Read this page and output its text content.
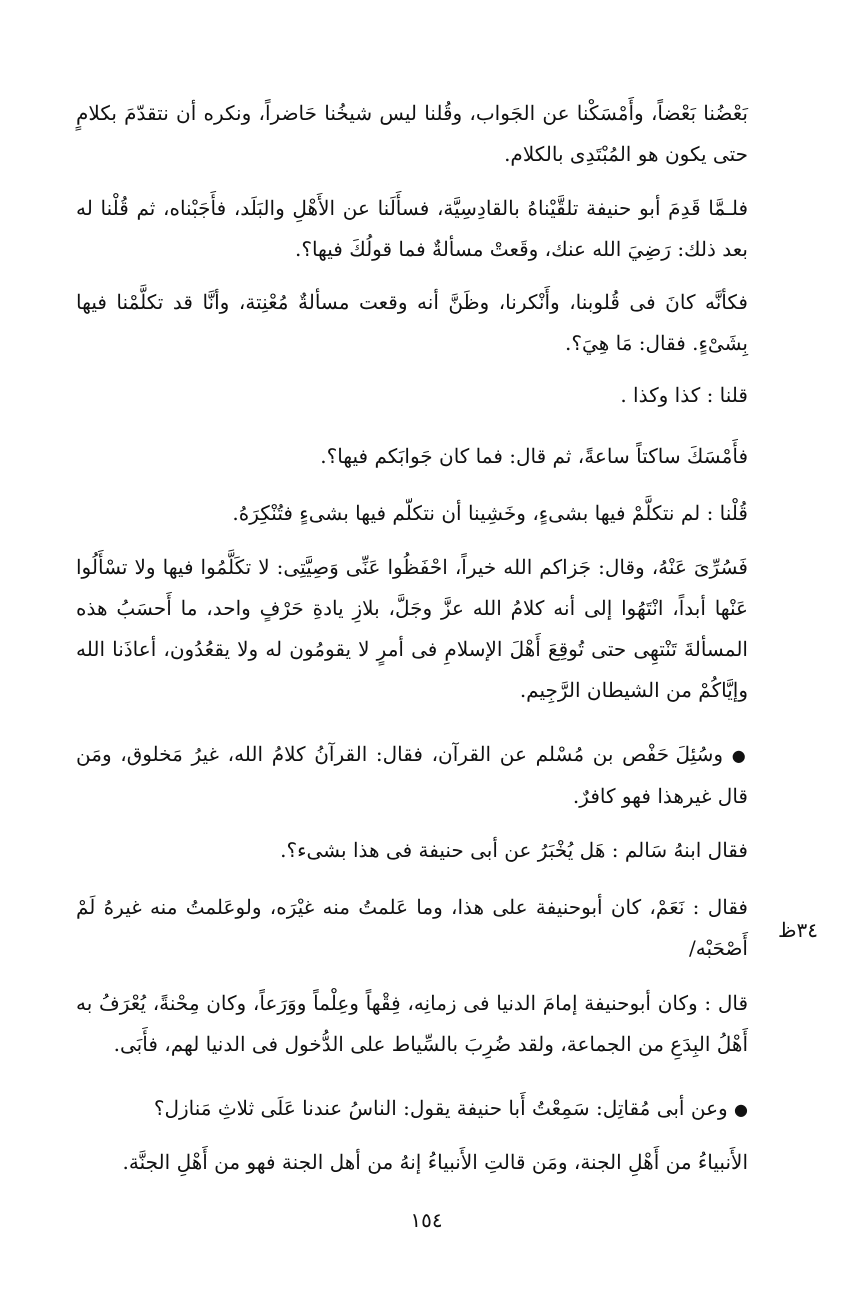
بَعْضُنا بَعْضاً، وأَمْسَكْنا عن الجَواب، وقُلنا ليس شيخُنا حَاضراً، ونكره أن نتقدّمَ بكلامٍ حتى يكون هو المُبْتَدِى بالكلام.

فلـمَّا قَدِمَ أبو حنيفة تلقَّيْناهُ بالقادِسِيَّة، فسأَلَنا عن الأَهْلِ والبَلَد، فأَجَبْناه، ثم قُلْنا له بعد ذلك: رَضِيَ الله عنك، وقَعتْ مسألةٌ فما قولُكَ فيها؟.

فكأنَّه كانَ فى قُلوبنا، وأَنْكرنا، وظَنَّ أنه وقعت مسألةٌ مُعْنِتة، وأنَّا قد تكلَّمْنا فيها بِشَىْءٍ. فقال: مَا هِيَ؟.

قلنا : كذا وكذا .

فأَمْسَكَ ساكتاً ساعةً، ثم قال: فما كان جَوابَكم فيها؟.

قُلْنا : لم نتكلَّمْ فيها بشىءٍ، وخَشِينا أن نتكلّم فيها بشىءٍ فتُنْكِرَهُ.

فَسُرِّىَ عَنْهُ، وقال: جَزاكم الله خيراً، احْفَظُوا عَنِّى وَصِيَّتِى: لا تكَلَّمُوا فيها ولا تسْأَلُوا عَنْها أبداً، انْتَهُوا إلى أنه كلامُ الله عزَّ وجَلَّ، بلازِ يادةِ حَرْفٍ واحد، ما أَحسَبُ هذه المسألةَ تَنْتهِى حتى تُوقِعَ أَهْلَ الإسلامِ فى أمرٍ لا يقومُون له ولا يقعُدُون، أعاذَنا الله وإيَّاكُمْ من الشيطان الرَّجِيم.

● وسُئِلَ حَفْص بن مُسْلم عن القرآن، فقال: القرآنُ كلامُ الله، غيرُ مَخلوق، ومَن قال غيرهذا فهو كافرٌ.

فقال ابنهُ سَالم : هَل يُخْبَرُ عن أبى حنيفة فى هذا بشىء؟.

فقال : نَعَمْ، كان أبوحنيفة على هذا، وما عَلمتُ منه غيْرَه، ولوعَلمتُ منه غيرهُ لَمْ أَصْحَبْه/

٣٤ظ

قال : وكان أبوحنيفة إمامَ الدنيا فى زمانِه، فِقْهاً وعِلْماً ووَرَعاً، وكان مِحْنةً، يُعْرَفُ به أَهْلُ البِدَعِ من الجماعة، ولقد ضُرِبَ بالسِّياط على الدُّخول فى الدنيا لهم، فأَبَى.

● وعن أبى مُقاتِل: سَمِعْتُ أَبا حنيفة يقول: الناسُ عندنا عَلَى ثلاثِ مَنازل؟

الأَنبياءُ من أَهْلِ الجنة، ومَن قالتِ الأَنبياءُ إنهُ من أهل الجنة فهو من أَهْلِ الجنَّة.

١٥٤
